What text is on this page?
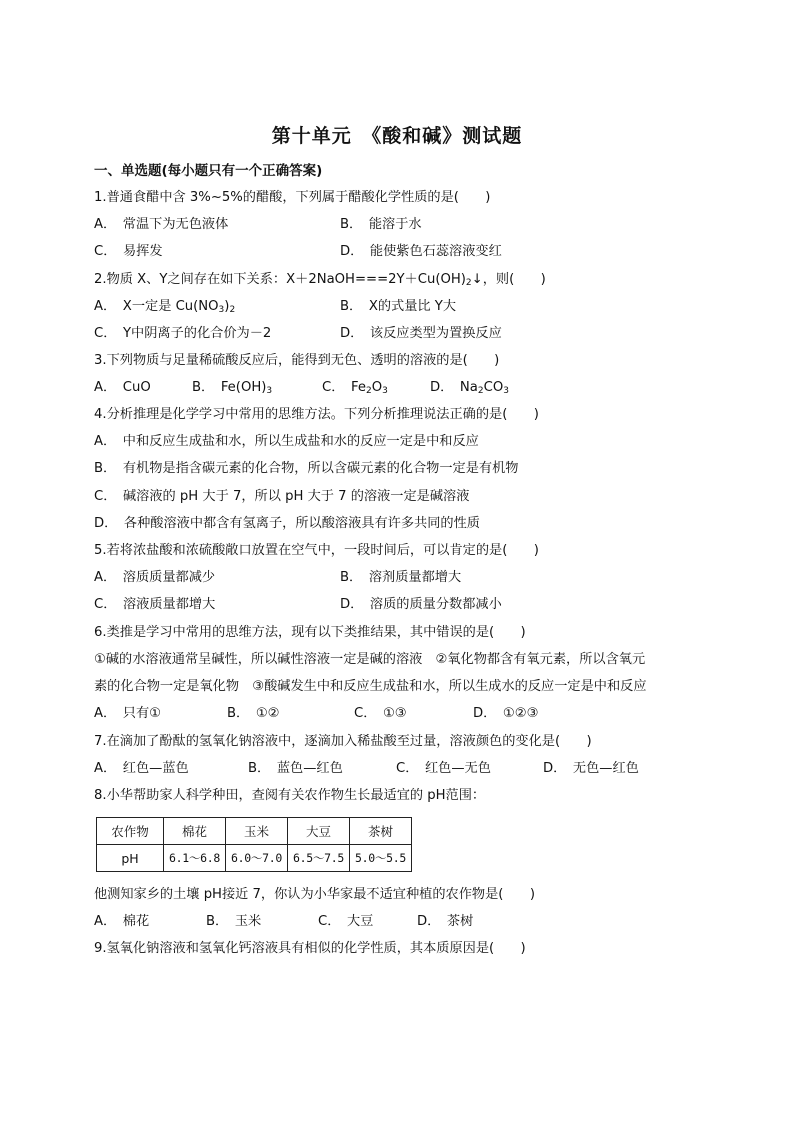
第十单元　《酸和碱》测试题
一、单选题(每小题只有一个正确答案)
1.普通食醋中含 3%~5%的醋酸，下列属于醋酸化学性质的是(　　)
A．　常温下为无色液体	B．　能溶于水
C．　易挥发	D．　能使紫色石蕊溶液变红
2.物质 X、Y之间存在如下关系：$X+2NaOH===2Y+Cu(OH)_2↓$，则(　　)
A．　X一定是 $Cu(NO_3)_2$	B．　X的式量比 Y大
C．　Y中阴离子的化合价为－2	D．　该反应类型为置换反应
3.下列物质与足量稀硫酸反应后，能得到无色、透明的溶液的是(　　)
A．　CuO	B．　$Fe(OH)_3$	C．　$Fe_2O_3$	D．　$Na_2CO_3$
4.分析推理是化学学习中常用的思维方法。下列分析推理说法正确的是(　　)
A．　中和反应生成盐和水，所以生成盐和水的反应一定是中和反应
B．　有机物是指含碳元素的化合物，所以含碳元素的化合物一定是有机物
C．　碱溶液的 pH 大于 7，所以 pH 大于 7 的溶液一定是碱溶液
D．　各种酸溶液中都含有氢离子，所以酸溶液具有许多共同的性质
5.若将浓盐酸和浓硫酸敞口放置在空气中，一段时间后，可以肯定的是(　　)
A．　溶质质量都减少	B．　溶剂质量都增大
C．　溶液质量都增大	D．　溶质的质量分数都减小
6.类推是学习中常用的思维方法，现有以下类推结果，其中错误的是(　　)
①碱的水溶液通常呈碱性，所以碱性溶液一定是碱的溶液　②氧化物都含有氧元素，所以含氧元
素的化合物一定是氧化物　③酸碱发生中和反应生成盐和水，所以生成水的反应一定是中和反应
A．　只有①	B．　①②	C．　①③	D．　①②③
7.在滴加了酚酞的氢氧化钠溶液中，逐滴加入稀盐酸至过量，溶液颜色的变化是(　　)
A．　红色—蓝色	B．　蓝色—红色	C．　红色—无色	D．　无色—红色
8.小华帮助家人科学种田，查阅有关农作物生长最适宜的 pH范围：
农作物	棉花	玉米	大豆	茶树
pH	6.1～6.8	6.0～7.0	6.5～7.5	5.0～5.5
他测知家乡的土壤 pH接近 7，你认为小华家最不适宜种植的农作物是(　　)
A．　棉花	B．　玉米	C．　大豆	D．　茶树
9.氢氧化钠溶液和氢氧化钙溶液具有相似的化学性质，其本质原因是(　　)
